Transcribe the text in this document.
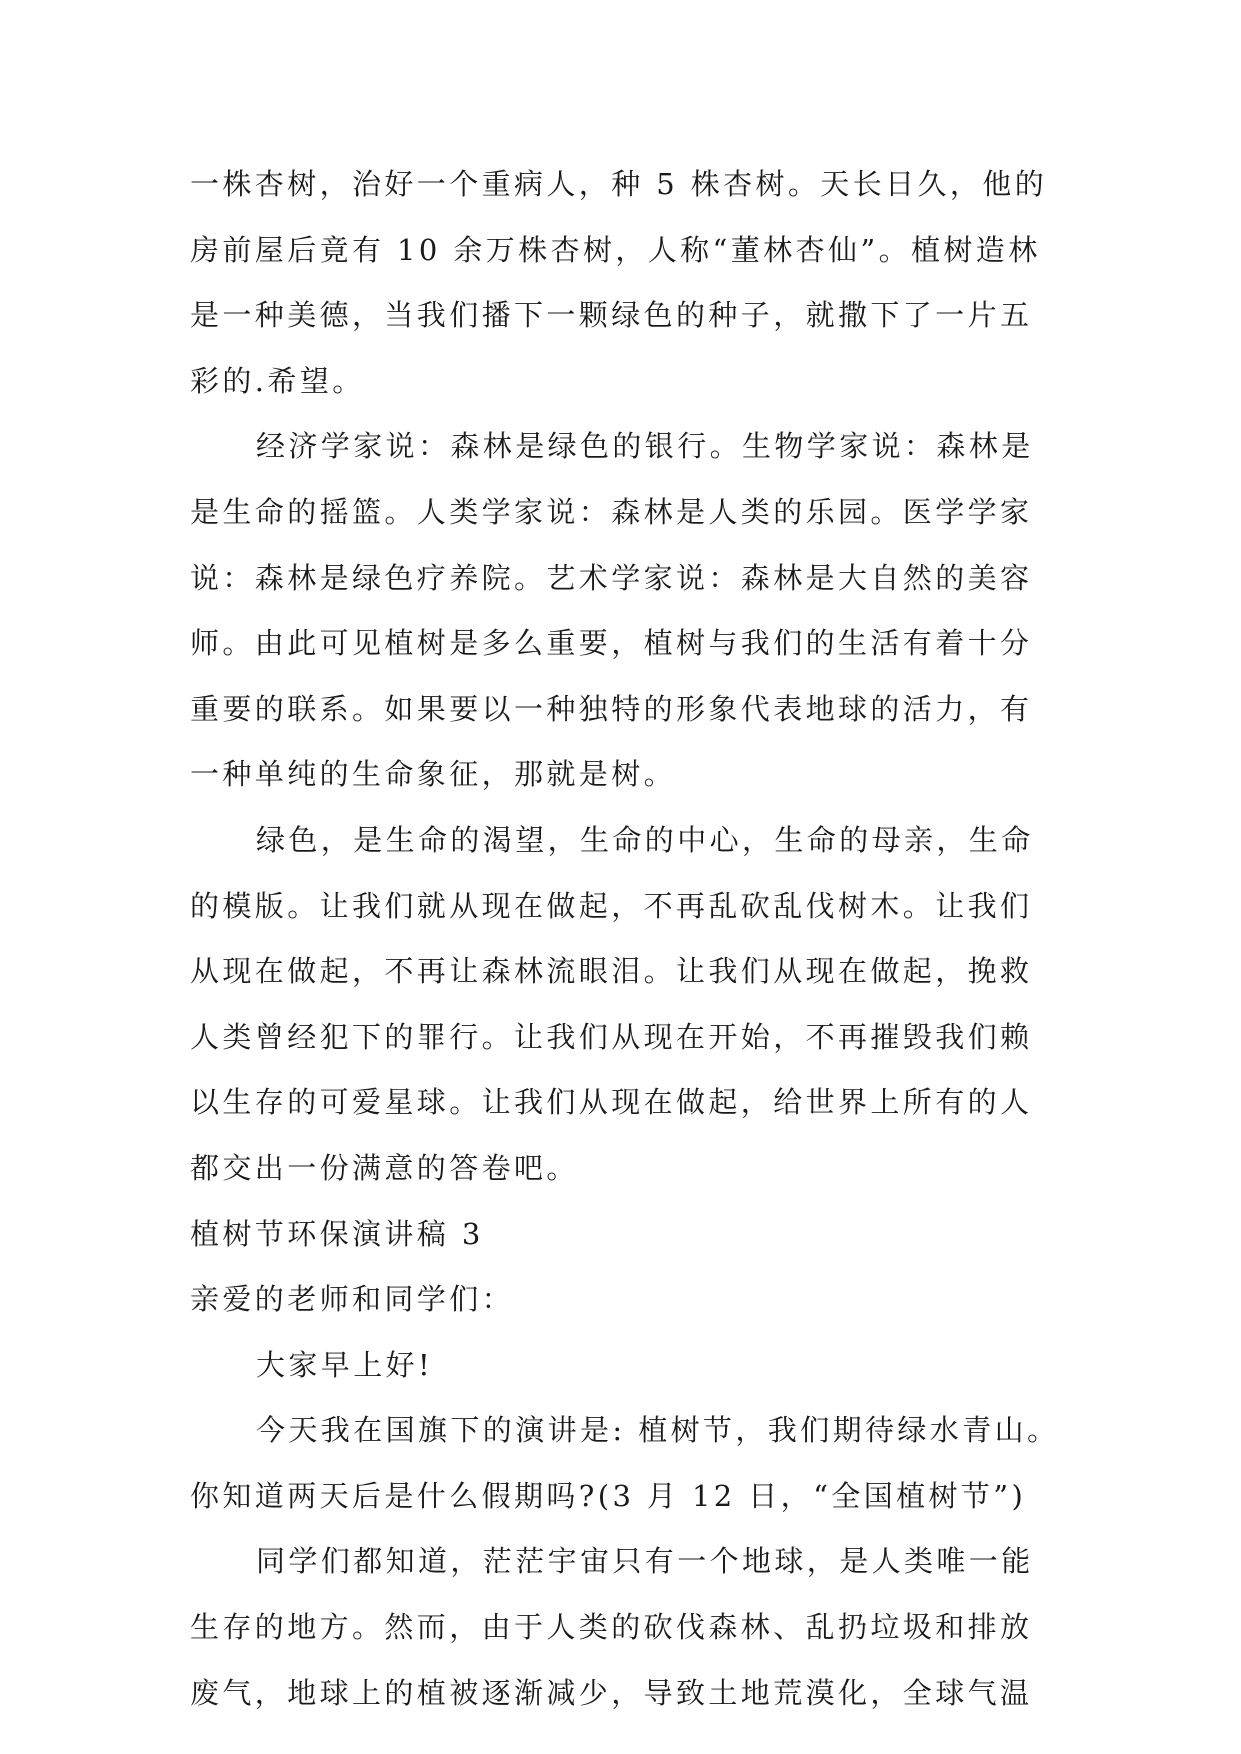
一株杏树，治好一个重病人，种 5 株杏树。天长日久，他的
房前屋后竟有 10 余万株杏树，人称“董林杏仙”。植树造林
是一种美德，当我们播下一颗绿色的种子，就撒下了一片五
彩的.希望。
经济学家说：森林是绿色的银行。生物学家说：森林是
是生命的摇篮。人类学家说：森林是人类的乐园。医学学家
说：森林是绿色疗养院。艺术学家说：森林是大自然的美容
师。由此可见植树是多么重要，植树与我们的生活有着十分
重要的联系。如果要以一种独特的形象代表地球的活力，有
一种单纯的生命象征，那就是树。
绿色，是生命的渴望，生命的中心，生命的母亲，生命
的模版。让我们就从现在做起，不再乱砍乱伐树木。让我们
从现在做起，不再让森林流眼泪。让我们从现在做起，挽救
人类曾经犯下的罪行。让我们从现在开始，不再摧毁我们赖
以生存的可爱星球。让我们从现在做起，给世界上所有的人
都交出一份满意的答卷吧。
植树节环保演讲稿 3
亲爱的老师和同学们：
大家早上好!
今天我在国旗下的演讲是: 植树节，我们期待绿水青山。
你知道两天后是什么假期吗?(3 月 12 日，“全国植树节”)
同学们都知道，茫茫宇宙只有一个地球，是人类唯一能
生存的地方。然而，由于人类的砍伐森林、乱扔垃圾和排放
废气，地球上的植被逐渐减少，导致土地荒漠化，全球气温
